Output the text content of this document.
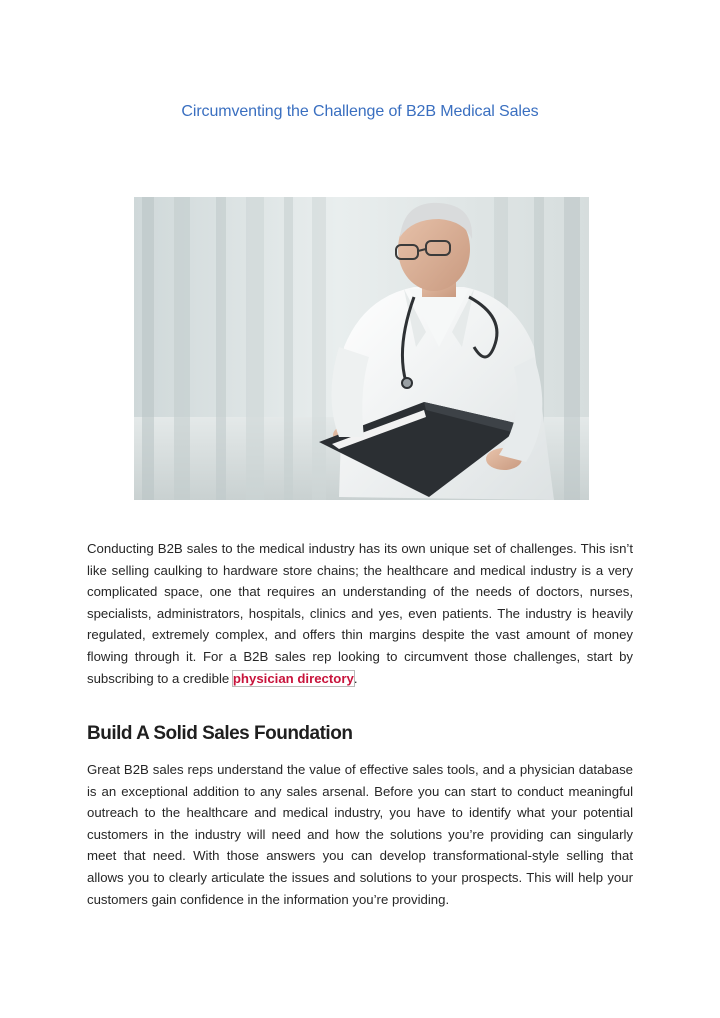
Circumventing the Challenge of B2B Medical Sales

Conducting B2B sales to the medical industry has its own unique set of challenges. This isn’t like selling caulking to hardware store chains; the healthcare and medical industry is a very complicated space, one that requires an understanding of the needs of doctors, nurses, specialists, administrators, hospitals, clinics and yes, even patients. The industry is heavily regulated, extremely complex, and offers thin margins despite the vast amount of money flowing through it. For a B2B sales rep looking to circumvent those challenges, start by subscribing to a credible physician directory.

Build A Solid Sales Foundation

Great B2B sales reps understand the value of effective sales tools, and a physician database is an exceptional addition to any sales arsenal. Before you can start to conduct meaningful outreach to the healthcare and medical industry, you have to identify what your potential customers in the industry will need and how the solutions you’re providing can singularly meet that need. With those answers you can develop transformational-style selling that allows you to clearly articulate the issues and solutions to your prospects. This will help your customers gain confidence in the information you’re providing.
